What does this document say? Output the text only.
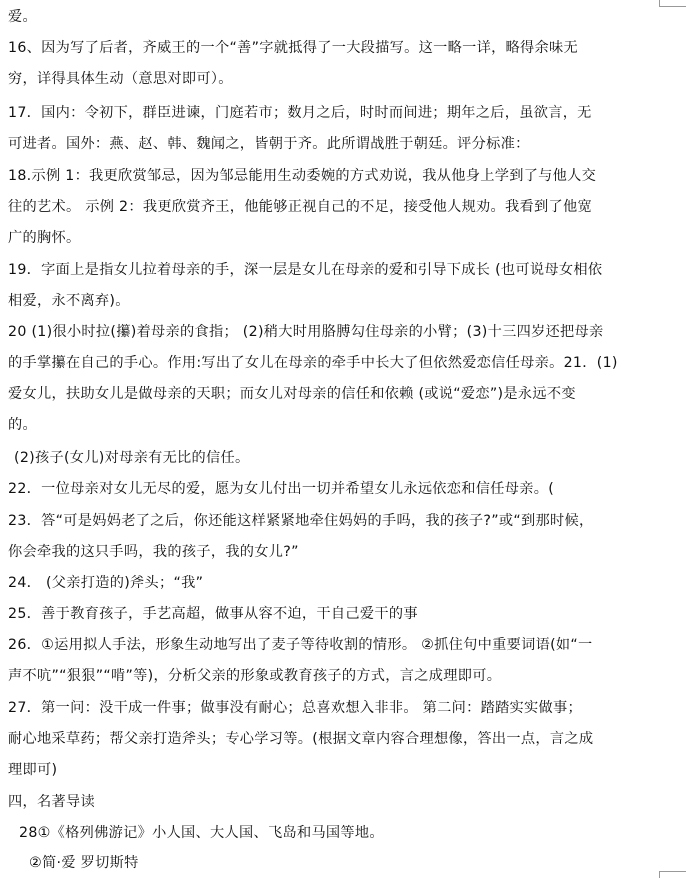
爱。
16、因为写了后者，齐威王的一个“善”字就抵得了一大段描写。这一略一详，略得余味无
穷，详得具体生动（意思对即可）。
17．国内：令初下，群臣进谏，门庭若市；数月之后，时时而间进；期年之后，虽欲言，无
可进者。国外：燕、赵、韩、魏闻之，皆朝于齐。此所谓战胜于朝廷。评分标准：
18.示例 1：我更欣赏邹忌，因为邹忌能用生动委婉的方式劝说，我从他身上学到了与他人交
往的艺术。 示例 2：我更欣赏齐王，他能够正视自己的不足，接受他人规劝。我看到了他宽
广的胸怀。
19．字面上是指女儿拉着母亲的手，深一层是女儿在母亲的爱和引导下成长 (也可说母女相依
相爱，永不离弃)。
20 (1)很小时拉(攥)着母亲的食指； (2)稍大时用胳膊勾住母亲的小臂；(3)十三四岁还把母亲
的手掌攥在自己的手心。作用:写出了女儿在母亲的牵手中长大了但依然爱恋信任母亲。21．(1)
爱女儿，扶助女儿是做母亲的天职；而女儿对母亲的信任和依赖 (或说“爱恋”)是永远不变
的。
(2)孩子(女儿)对母亲有无比的信任。
22．一位母亲对女儿无尽的爱，愿为女儿付出一切并希望女儿永远依恋和信任母亲。(
23．答“可是妈妈老了之后，你还能这样紧紧地牵住妈妈的手吗，我的孩子?”或“到那时候，
你会牵我的这只手吗，我的孩子，我的女儿?”
24． (父亲打造的)斧头；“我”
25．善于教育孩子，手艺高超，做事从容不迫，干自己爱干的事
26．①运用拟人手法，形象生动地写出了麦子等待收割的情形。 ②抓住句中重要词语(如“一
声不吭”“狠狠”“啃”等)，分析父亲的形象或教育孩子的方式，言之成理即可。
27．第一问：没干成一件事；做事没有耐心；总喜欢想入非非。 第二问：踏踏实实做事；
耐心地采草药；帮父亲打造斧头；专心学习等。(根据文章内容合理想像，答出一点，言之成
理即可)
四，名著导读
28①《格列佛游记》小人国、大人国、飞岛和马国等地。
②简·爱 罗切斯特
